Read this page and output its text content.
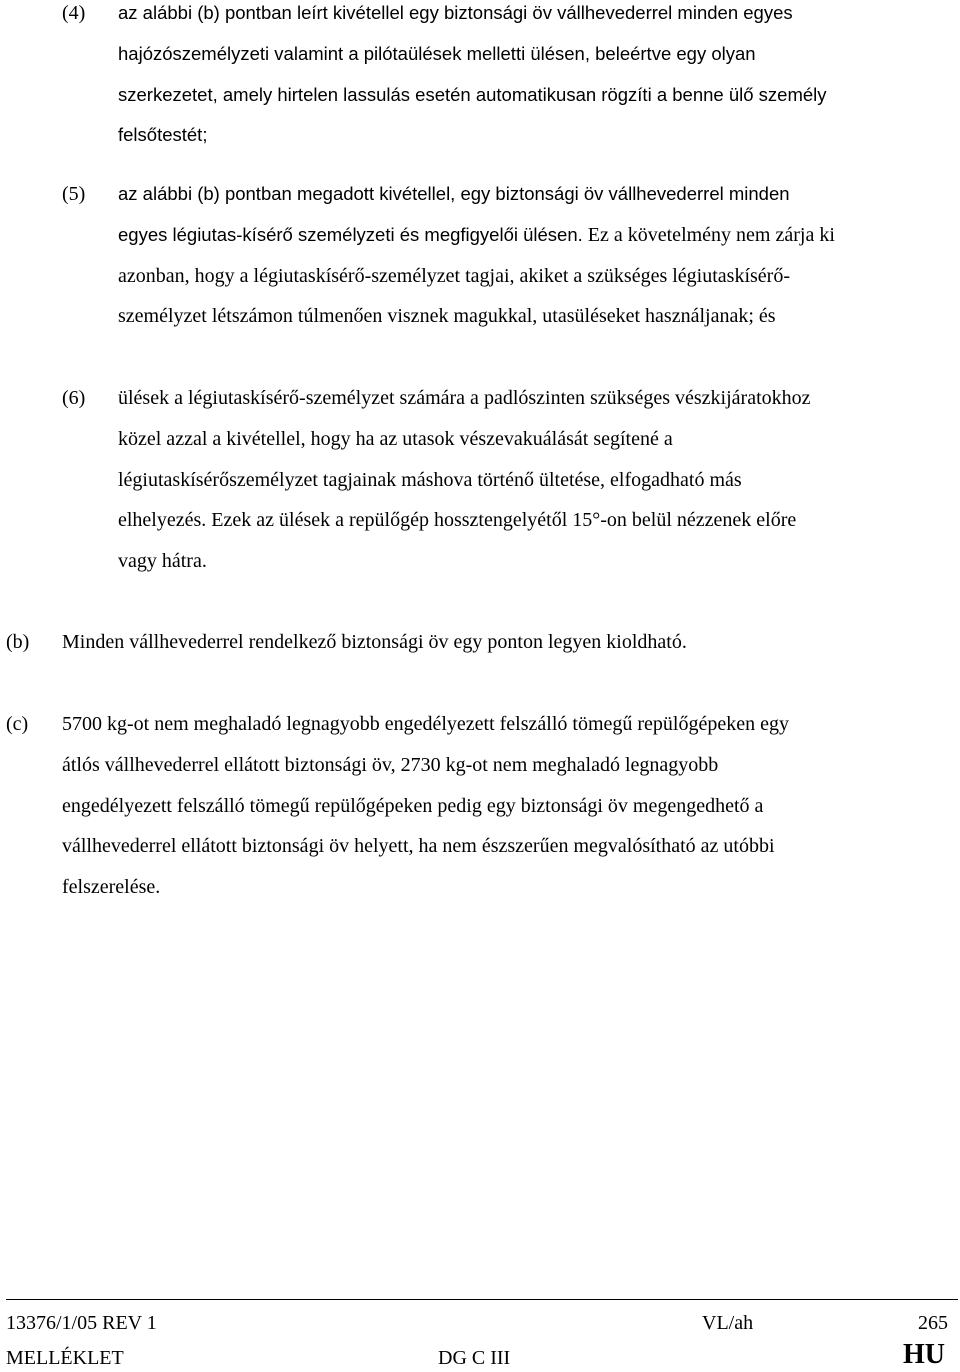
(4) az alábbi (b) pontban leírt kivétellel egy biztonsági öv vállhevederrel minden egyes
hajózószemélyzeti valamint a pilótaülések melletti ülésen, beleértve egy olyan
szerkezetet, amely hirtelen lassulás esetén automatikusan rögzíti a benne ülő személy
felsőtestét;
(5) az alábbi (b) pontban megadott kivétellel, egy biztonsági öv vállhevederrel minden
egyes légiutas-kísérő személyzeti és megfigyelői ülésen. Ez a követelmény nem zárja ki
azonban, hogy a légiutaskísérő-személyzet tagjai, akiket a szükséges légiutaskísérő-
személyzet létszámon túlmenően visznek magukkal, utasüléseket használjanak; és
(6) ülések a légiutaskísérő-személyzet számára a padlószinten szükséges vészkijáratokhoz
közel azzal a kivétellel, hogy ha az utasok vészevakuálását segítené a
légiutaskísérőszemélyzet tagjainak máshova történő ültetése, elfogadható más
elhelyezés. Ezek az ülések a repülőgép hossztengelyétől 15°-on belül nézzenek előre
vagy hátra.
(b) Minden vállhevederrel rendelkező biztonsági öv egy ponton legyen kioldható.
(c) 5700 kg-ot nem meghaladó legnagyobb engedélyezett felszálló tömegű repülőgépeken egy
átlós vállhevederrel ellátott biztonsági öv, 2730 kg-ot nem meghaladó legnagyobb
engedélyezett felszálló tömegű repülőgépeken pedig egy biztonsági öv megengedhető a
vállhevederrel ellátott biztonsági öv helyett, ha nem észszerűen megvalósítható az utóbbi
felszerelése.
13376/1/05 REV 1	VL/ah	265
MELLÉKLET	DG C III	HU
